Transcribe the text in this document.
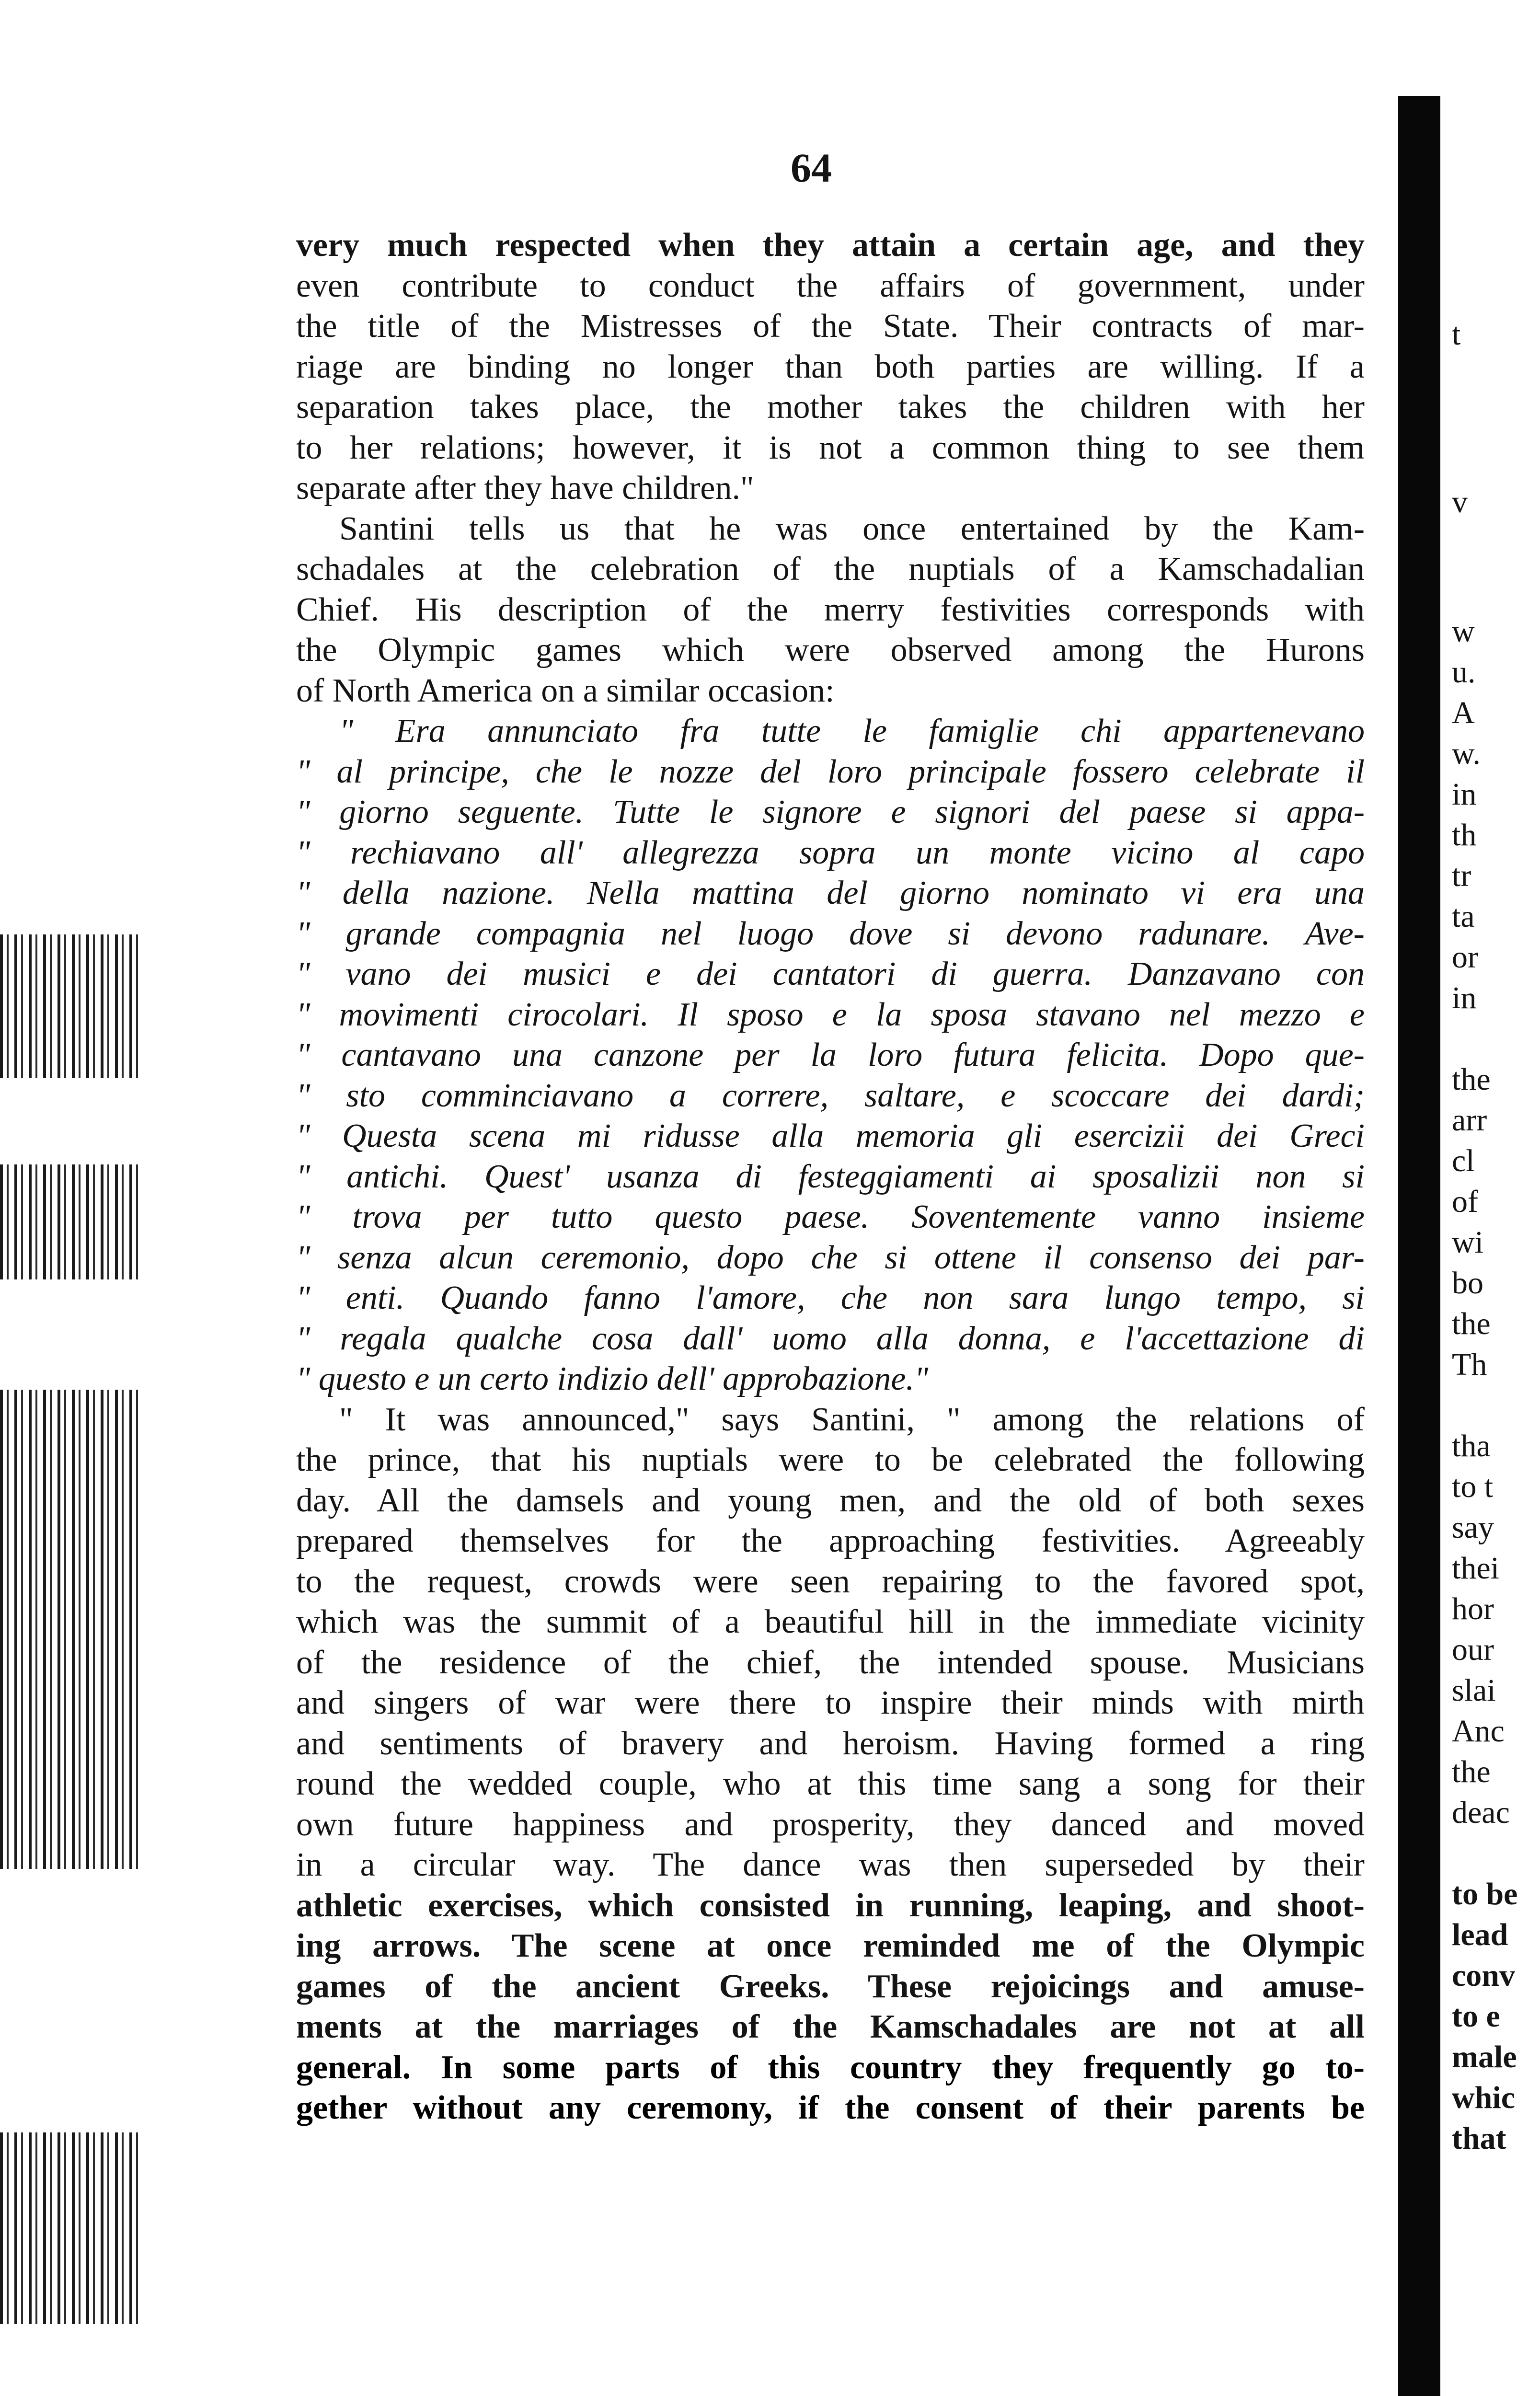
64

very much respected when they attain a certain age, and they

even contribute to conduct the affairs of government, under

the title of the Mistresses of the State. Their contracts of mar-

riage are binding no longer than both parties are willing. If a

separation takes place, the mother takes the children with her

to her relations; however, it is not a common thing to see them

separate after they have children."

Santini tells us that he was once entertained by the Kam-

schadales at the celebration of the nuptials of a Kamschadalian

Chief. His description of the merry festivities corresponds with

the Olympic games which were observed among the Hurons

of North America on a similar occasion:

" Era annunciato fra tutte le famiglie chi appartenevano

" al principe, che le nozze del loro principale fossero celebrate il

" giorno seguente. Tutte le signore e signori del paese si appa-

" rechiavano all' allegrezza sopra un monte vicino al capo

" della nazione. Nella mattina del giorno nominato vi era una

" grande compagnia nel luogo dove si devono radunare. Ave-

" vano dei musici e dei cantatori di guerra. Danzavano con

" movimenti cirocolari. Il sposo e la sposa stavano nel mezzo e

" cantavano una canzone per la loro futura felicita. Dopo que-

" sto comminciavano a correre, saltare, e scoccare dei dardi;

" Questa scena mi ridusse alla memoria gli esercizii dei Greci

" antichi. Quest' usanza di festeggiamenti ai sposalizii non si

" trova per tutto questo paese. Soventemente vanno insieme

" senza alcun ceremonio, dopo che si ottene il consenso dei par-

" enti. Quando fanno l'amore, che non sara lungo tempo, si

" regala qualche cosa dall' uomo alla donna, e l'accettazione di

" questo e un certo indizio dell' approbazione."

" It was announced," says Santini, " among the relations of

the prince, that his nuptials were to be celebrated the following

day. All the damsels and young men, and the old of both sexes

prepared themselves for the approaching festivities. Agreeably

to the request, crowds were seen repairing to the favored spot,

which was the summit of a beautiful hill in the immediate vicinity

of the residence of the chief, the intended spouse. Musicians

and singers of war were there to inspire their minds with mirth

and sentiments of bravery and heroism. Having formed a ring

round the wedded couple, who at this time sang a song for their

own future happiness and prosperity, they danced and moved

in a circular way. The dance was then superseded by their

athletic exercises, which consisted in running, leaping, and shoot-

ing arrows. The scene at once reminded me of the Olympic

games of the ancient Greeks. These rejoicings and amuse-

ments at the marriages of the Kamschadales are not at all

general. In some parts of this country they frequently go to-

gether without any ceremony, if the consent of their parents be

t
v
w
u.
A
w.
in
th
tr
ta
or
in
the
arr
cl
of
wi
bo
the
Th
tha
to t
say
thei
hor
our
slai
Anc
the
deac
to be
lead
conv
to e
male
whic
that
